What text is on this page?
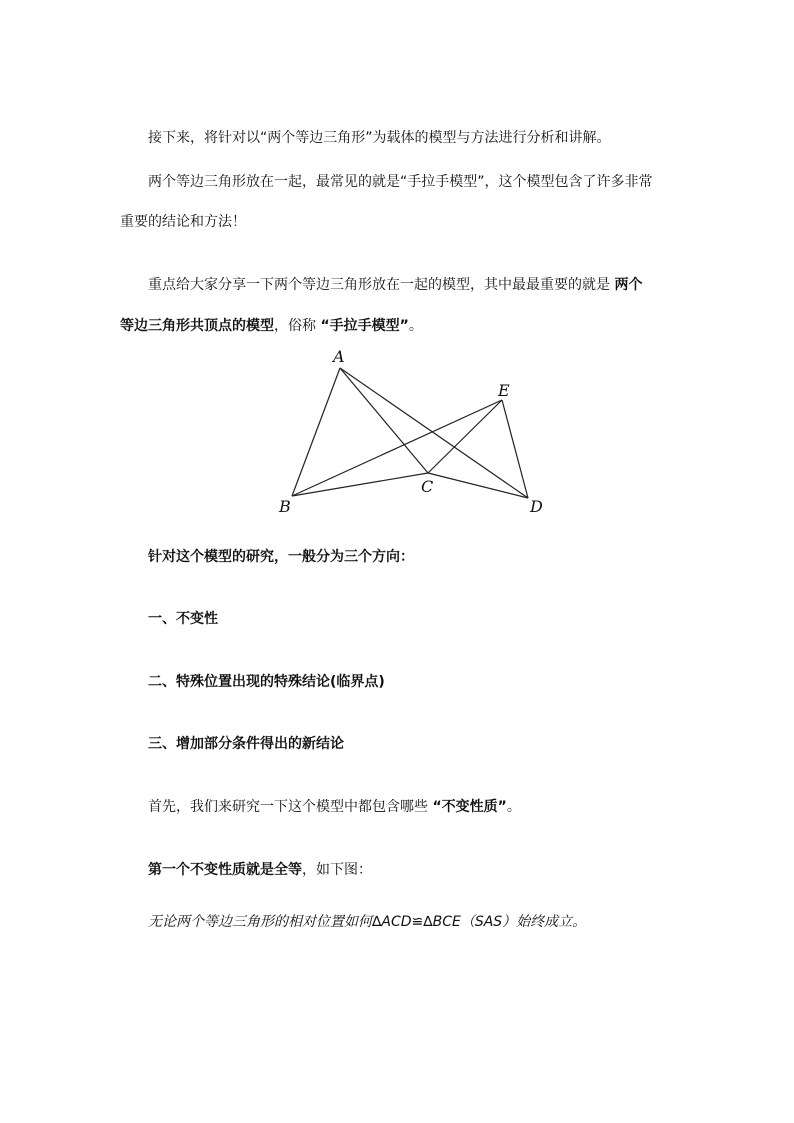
接下来，将针对以“两个等边三角形”为载体的模型与方法进行分析和讲解。
两个等边三角形放在一起，最常见的就是“手拉手模型”，这个模型包含了许多非常
重要的结论和方法！
重点给大家分享一下两个等边三角形放在一起的模型，其中最最重要的就是 两个
等边三角形共顶点的模型，俗称 “手拉手模型”。
A
B
C
D
E
针对这个模型的研究，一般分为三个方向：
一、不变性
二、特殊位置出现的特殊结论(临界点)
三、增加部分条件得出的新结论
首先，我们来研究一下这个模型中都包含哪些 “不变性质”。
第一个不变性质就是全等，如下图：
无论两个等边三角形的相对位置如何∆ACD≌∆BCE（SAS）始终成立。
